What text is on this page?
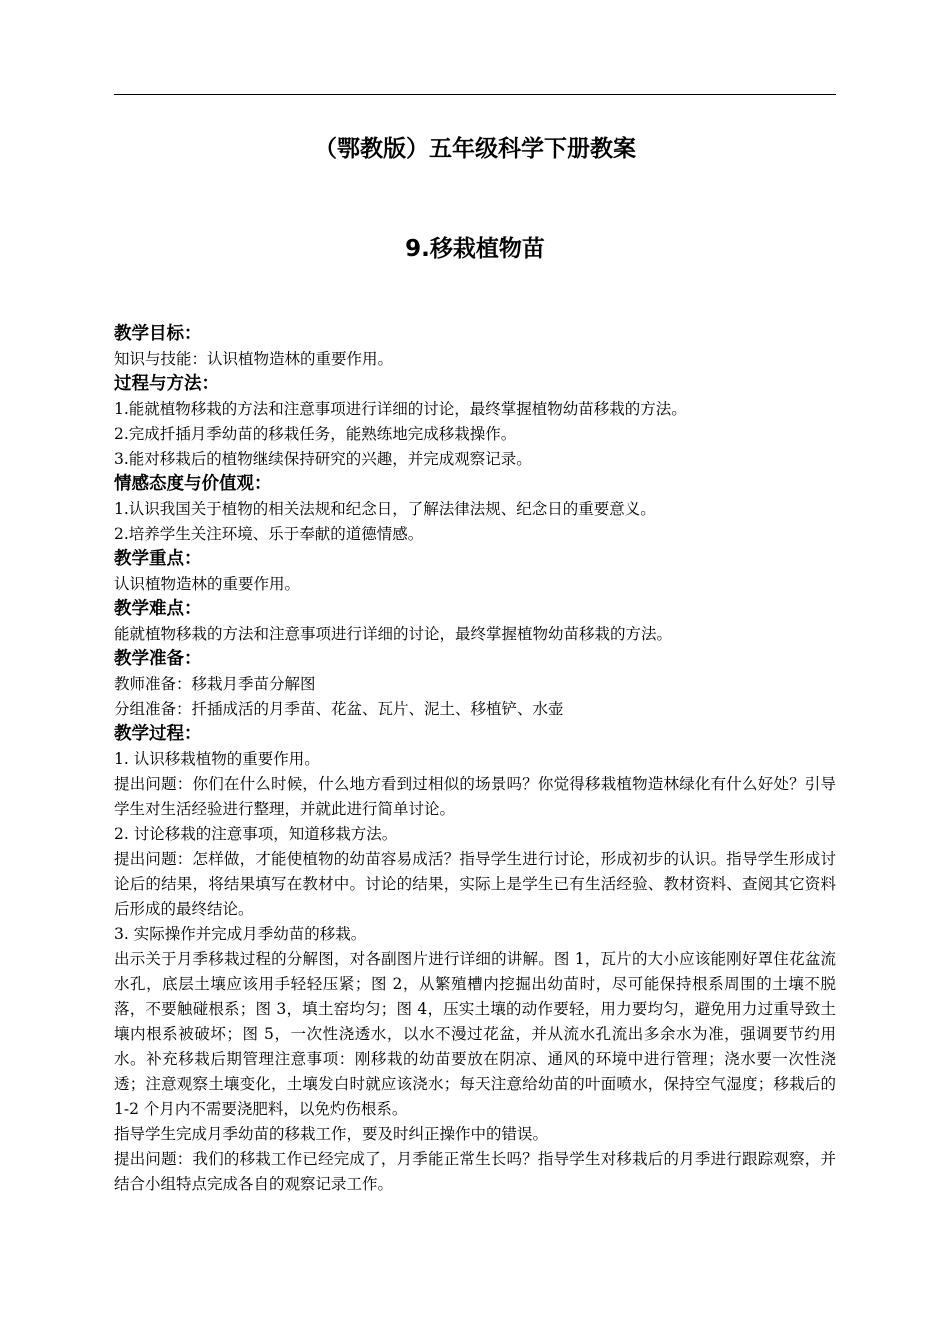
（鄂教版）五年级科学下册教案
9.移栽植物苗

教学目标：

知识与技能：认识植物造林的重要作用。

过程与方法：

1.能就植物移栽的方法和注意事项进行详细的讨论，最终掌握植物幼苗移栽的方法。

2.完成扦插月季幼苗的移栽任务，能熟练地完成移栽操作。

3.能对移栽后的植物继续保持研究的兴趣，并完成观察记录。

情感态度与价值观：

1.认识我国关于植物的相关法规和纪念日，了解法律法规、纪念日的重要意义。

2.培养学生关注环境、乐于奉献的道德情感。

教学重点：

认识植物造林的重要作用。

教学难点：

能就植物移栽的方法和注意事项进行详细的讨论，最终掌握植物幼苗移栽的方法。

教学准备：

教师准备：移栽月季苗分解图

分组准备：扦插成活的月季苗、花盆、瓦片、泥土、移植铲、水壶

教学过程：

1. 认识移栽植物的重要作用。

提出问题：你们在什么时候，什么地方看到过相似的场景吗？你觉得移栽植物造林绿化有什么好处？引导学生对生活经验进行整理，并就此进行简单讨论。

2. 讨论移栽的注意事项，知道移栽方法。

提出问题：怎样做，才能使植物的幼苗容易成活？指导学生进行讨论，形成初步的认识。指导学生形成讨论后的结果，将结果填写在教材中。讨论的结果，实际上是学生已有生活经验、教材资料、查阅其它资料后形成的最终结论。

3. 实际操作并完成月季幼苗的移栽。

出示关于月季移栽过程的分解图，对各副图片进行详细的讲解。图 1，瓦片的大小应该能刚好罩住花盆流水孔，底层土壤应该用手轻轻压紧；图 2，从繁殖槽内挖掘出幼苗时，尽可能保持根系周围的土壤不脱落，不要触碰根系；图 3，填土窑均匀；图 4，压实土壤的动作要轻，用力要均匀，避免用力过重导致土壤内根系被破坏；图 5，一次性浇透水，以水不漫过花盆，并从流水孔流出多余水为准，强调要节约用水。补充移栽后期管理注意事项：刚移栽的幼苗要放在阴凉、通风的环境中进行管理；浇水要一次性浇透；注意观察土壤变化，土壤发白时就应该浇水；每天注意给幼苗的叶面喷水，保持空气湿度；移栽后的 1-2 个月内不需要浇肥料，以免灼伤根系。

指导学生完成月季幼苗的移栽工作，要及时纠正操作中的错误。

提出问题：我们的移栽工作已经完成了，月季能正常生长吗？指导学生对移栽后的月季进行跟踪观察，并结合小组特点完成各自的观察记录工作。
